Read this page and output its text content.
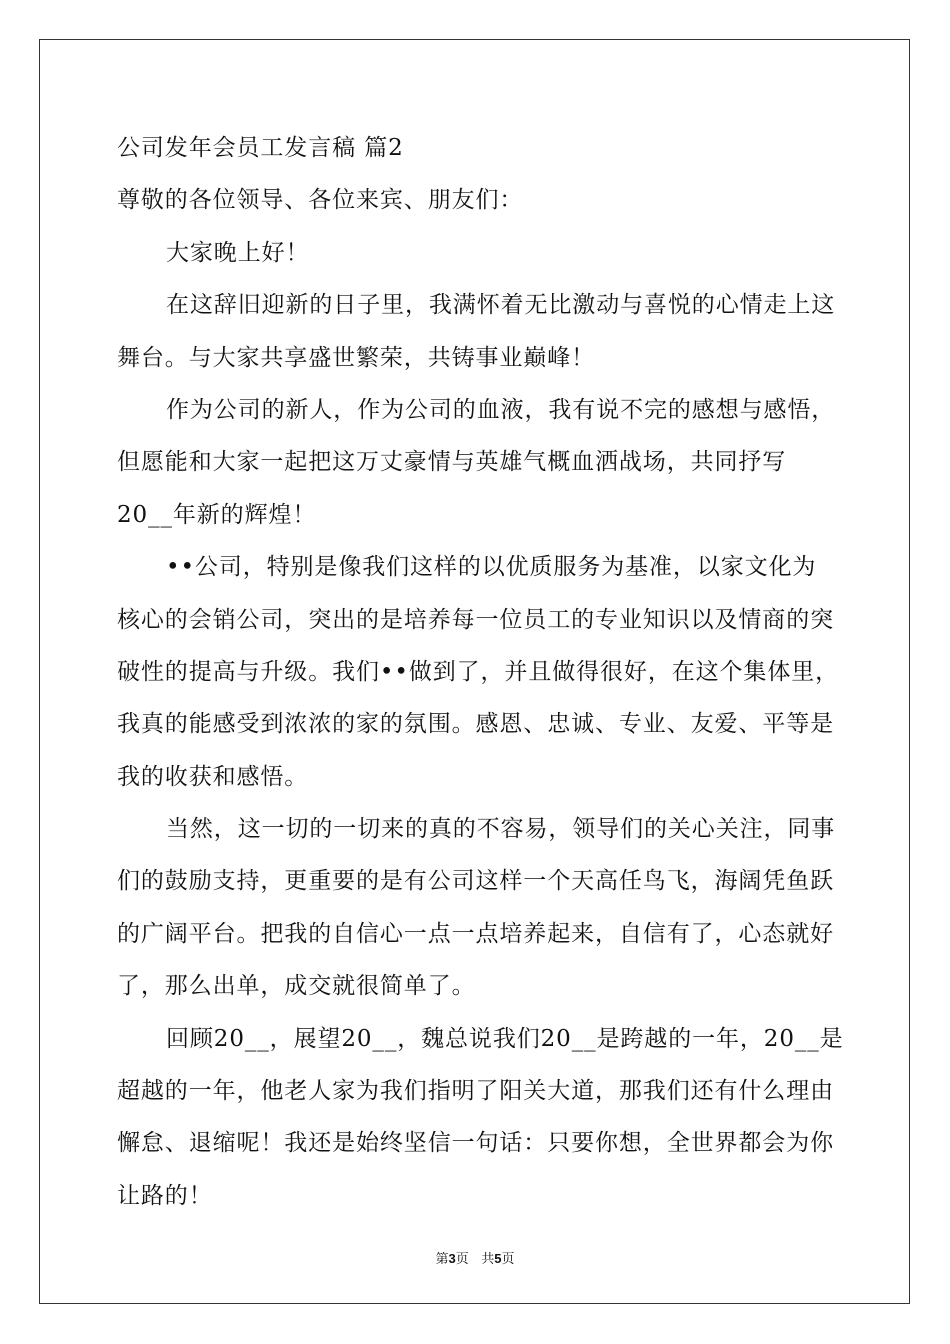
公司发年会员工发言稿 篇2
尊敬的各位领导、各位来宾、朋友们：
大家晚上好！
在这辞旧迎新的日子里，我满怀着无比激动与喜悦的心情走上这
舞台。与大家共享盛世繁荣，共铸事业巅峰！
作为公司的新人，作为公司的血液，我有说不完的感想与感悟，
但愿能和大家一起把这万丈豪情与英雄气概血洒战场，共同抒写
20__年新的辉煌！
••公司，特别是像我们这样的以优质服务为基准，以家文化为
核心的会销公司，突出的是培养每一位员工的专业知识以及情商的突
破性的提高与升级。我们••做到了，并且做得很好，在这个集体里，
我真的能感受到浓浓的家的氛围。感恩、忠诚、专业、友爱、平等是
我的收获和感悟。
当然，这一切的一切来的真的不容易，领导们的关心关注，同事
们的鼓励支持，更重要的是有公司这样一个天高任鸟飞，海阔凭鱼跃
的广阔平台。把我的自信心一点一点培养起来，自信有了，心态就好
了，那么出单，成交就很简单了。
回顾20__，展望20__，魏总说我们20__是跨越的一年，20__是
超越的一年，他老人家为我们指明了阳关大道，那我们还有什么理由
懈怠、退缩呢！我还是始终坚信一句话：只要你想，全世界都会为你
让路的！
第3页 共5页
